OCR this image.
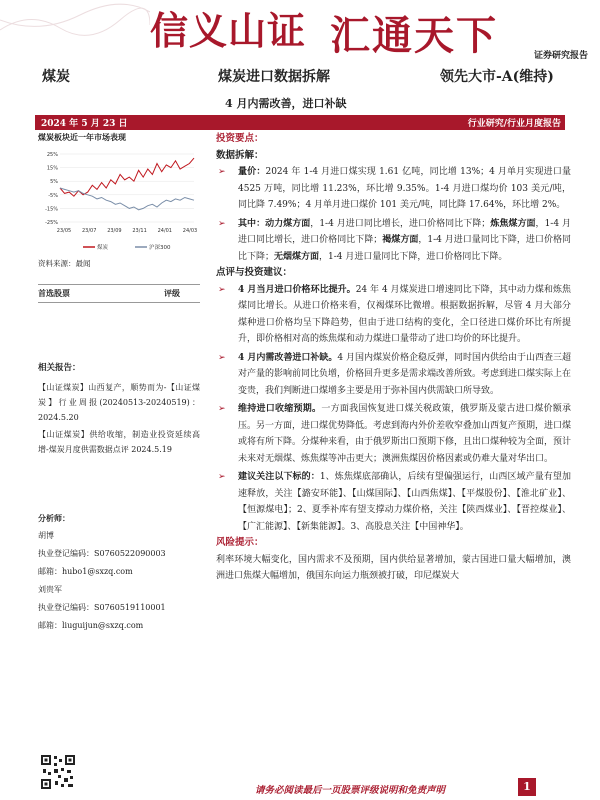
信义山证 汇通天下	证券研究报告
煤炭	煤炭进口数据拆解	领先大市-A(维持)
4 月内需改善，进口补缺
2024 年 5 月 23 日	行业研究/行业月度报告
煤炭板块近一年市场表现
25%
15%
5%
-5%
-15%
-25%
23/05 23/07 23/09 23/11 24/01 24/03
煤炭	沪深300
资料来源：最闻
首选股票	评级
相关报告：

【山证煤炭】山西复产，顺势而为-【山证煤炭】行业周报(20240513-20240519)：2024.5.20

【山证煤炭】供给收缩，制造业投资延续高增-煤炭月度供需数据点评 2024.5.19

分析师：
胡博
执业登记编码：S0760522090003
邮箱：hubo1@sxzq.com
刘贵军
执业登记编码：S0760519110001
邮箱：liuguijun@sxzq.com
投资要点：
数据拆解：

➢ 量价：2024 年 1-4 月进口煤实现 1.61 亿吨，同比增 13%；4 月单月实现进口量 4525 万吨，同比增 11.23%，环比增 9.35%。1-4 月进口煤均价 103 美元/吨，同比降 7.49%；4 月单月进口煤价 101 美元/吨，同比降 17.64%，环比增 2%。

➢ 其中：动力煤方面，1-4 月进口同比增长，进口价格同比下降；炼焦煤方面，1-4 月进口同比增长，进口价格同比下降；褐煤方面，1-4 月进口量同比下降，进口价格同比下降；无烟煤方面，1-4 月进口量同比下降，进口价格同比下降。

点评与投资建议：

➢ 4 月当月进口价格环比提升。24 年 4 月煤炭进口增速同比下降，其中动力煤和炼焦煤同比增长。从进口价格来看，仅褐煤环比微增。根据数据拆解，尽管 4 月大部分煤种进口价格均呈下降趋势，但由于进口结构的变化，全口径进口煤价环比有所提升，即价格相对高的炼焦煤和动力煤进口量带动了进口均价的环比提升。

➢ 4 月内需改善进口补缺。4 月国内煤炭价格企稳反弹，同时国内供给由于山西查三超对产量的影响前同比负增，价格回升更多是需求端改善所致。考虑到进口煤实际上在变贵，我们判断进口煤增多主要是用于弥补国内供需缺口所导致。

➢ 维持进口收缩预期。一方面我国恢复进口煤关税政策，俄罗斯及蒙古进口煤价额承压。另一方面，进口煤优势降低。考虑到海内外价差收窄叠加山西复产预期，进口煤或将有所下降。分煤种来看，由于俄罗斯出口预期下修，且出口煤种较为全面，预计未来对无烟煤、炼焦煤等冲击更大；澳洲焦煤因价格因素或仍难大量对华出口。

➢ 建议关注以下标的：1、炼焦煤底部确认，后续有望偏强运行，山西区域产量有望加速释放，关注【潞安环能】、【山煤国际】、【山西焦煤】、【平煤股份】、【淮北矿业】、【恒源煤电】；2、夏季补库有望支撑动力煤价格，关注【陕西煤业】、【晋控煤业】、【广汇能源】、【新集能源】。3、高股息关注【中国神华】。

风险提示：

利率环境大幅变化，国内需求不及预期，国内供给显著增加，蒙古国进口量大幅增加，澳洲进口焦煤大幅增加，俄国东向运力瓶颈被打破，印尼煤炭大

请务必阅读最后一页股票评级说明和免责声明	1
